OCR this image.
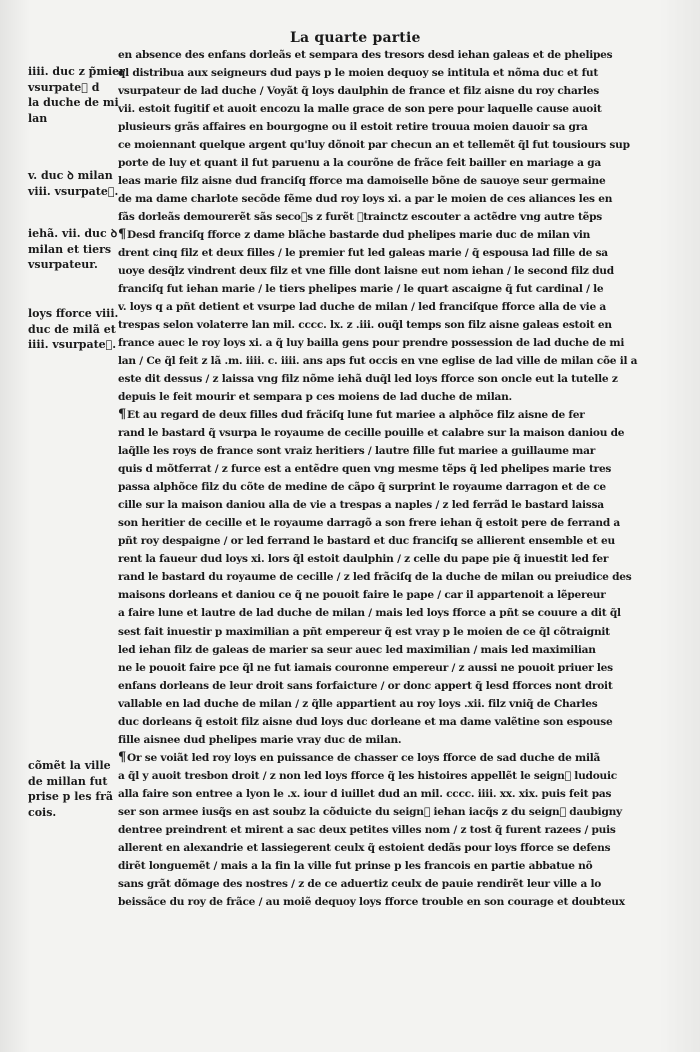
La quarte partie
iiii. duc z p̃mier
vsurpateᷣ d
la duche de mi
lan
v. duc ꝺ milan
viii. vsurpateᷣ.
iehã. vii. duc ꝺ
milan et tiers
vsurpateur.
loys fforce viii.
duc de milã et
iiii. vsurpateᷣ.
cõmẽt la ville
de millan fut
prise p les frã
cois.
en absence des enfans dorleãs et sempara des tresors desd iehan galeas et de phelipes
ql distribua aux seigneurs dud pays p le moien dequoy se intitula et nõma duc et fut
vsurpateur de lad duche / Voyãt q̃ loys daulphin de france et filz aisne du roy charles
vii. estoit fugitif et auoit encozu la malle grace de son pere pour laquelle cause auoit
plusieurs grãs affaires en bourgogne ou il estoit retire trouua moien dauoir sa gra
ce moiennant quelque argent qu'luy dõnoit par checun an et tellemẽt q̃l fut tousiours sup
porte de luy et quant il fut paruenu a la courõne de frãce feit bailler en mariage a ga
leas marie filz aisne dud franciſq fforce ma damoiselle bõne de sauoye seur germaine
de ma dame charlote secõde fẽme dud roy loys xi. a par le moien de ces aliances les en
fãs dorleãs demourerẽt sãs secoᷣs z furẽt ꝯtrainctz escouter a actẽdre vng autre tẽps
¶Desd franciſq fforce z dame blãche bastarde dud phelipes marie duc de milan vin
drent cinq filz et deux filles / le premier fut led galeas marie / q̃ espousa lad fille de sa
uoye desq̃lz vindrent deux filz et vne fille dont laisne eut nom iehan / le second filz dud
franciſq fut iehan marie / le tiers phelipes marie / le quart ascaigne q̃ fut cardinal / le
v. loys q a pñt detient et vsurpe lad duche de milan / led franciſque fforce alla de vie a
trespas selon volaterre lan mil. cccc. lx. z .iii. ouq̃l temps son filz aisne galeas estoit en
france auec le roy loys xi. a q̃ luy bailla gens pour prendre possession de lad duche de mi
lan / Ce q̃l feit z lã .m. iiii. c. iiii. ans aps fut occis en vne eglise de lad ville de milan cõe il a
este dit dessus / z laissa vng filz nõme iehã duq̃l led loys fforce son oncle eut la tutelle z
depuis le feit mourir et sempara p ces moiens de lad duche de milan.
¶Et au regard de deux filles dud frãciſq lune fut mariee a alphõce filz aisne de fer
rand le bastard q̃ vsurpa le royaume de cecille pouille et calabre sur la maison daniou de
laq̃lle les roys de france sont vraiz heritiers / lautre fille fut mariee a guillaume mar
quis d mõtferrat / z furce est a entẽdre quen vng mesme tẽps q̃ led phelipes marie tres
passa alphõce filz du cõte de medine de cãpo q̃ surprint le royaume darragon et de ce
cille sur la maison daniou alla de vie a trespas a naples / z led ferrãd le bastard laissa
son heritier de cecille et le royaume darragõ a son frere iehan q̃ estoit pere de ferrand a
pñt roy despaigne / or led ferrand le bastard et duc franciſq se allierent ensemble et eu
rent la faueur dud loys xi. lors q̃l estoit daulphin / z celle du pape pie q̃ inuestit led fer
rand le bastard du royaume de cecille / z led frãciſq de la duche de milan ou preiudice des
maisons dorleans et daniou ce q̃ ne pouoit faire le pape / car il appartenoit a lẽpereur
a faire lune et lautre de lad duche de milan / mais led loys fforce a pñt se couure a dit q̃l
sest fait inuestir p maximilian a pñt empereur q̃ est vray p le moien de ce q̃l cõtraignit
led iehan filz de galeas de marier sa seur auec led maximilian / mais led maximilian
ne le pouoit faire pce q̃l ne fut iamais couronne empereur / z aussi ne pouoit priuer les
enfans dorleans de leur droit sans forfaicture / or donc appert q̃ lesd fforces nont droit
vallable en lad duche de milan / z q̃lle appartient au roy loys .xii. filz vniq̃ de Charles
duc dorleans q̃ estoit filz aisne dud loys duc dorleane et ma dame valẽtine son espouse
fille aisnee dud phelipes marie vray duc de milan.
¶Or se voiãt led roy loys en puissance de chasser ce loys fforce de sad duche de milã
a q̃l y auoit tresbon droit / z non led loys fforce q̃ les histoires appellẽt le seignᷣ ludouic
alla faire son entree a lyon le .x. iour d iuillet dud an mil. cccc. iiii. xx. xix. puis feit pas
ser son armee iusq̃s en ast soubz la cõduicte du seignᷣ iehan iacq̃s z du seignᷣ daubigny
dentree preindrent et mirent a sac deux petites villes nom / z tost q̃ furent razees / puis
allerent en alexandrie et lassiegerent ceulx q̃ estoient dedãs pour loys fforce se defens
dirẽt longuemẽt / mais a la fin la ville fut prinse p les francois en partie abbatue nõ
sans grãt dõmage des nostres / z de ce aduertiz ceulx de pauie rendirẽt leur ville a lo
beissãce du roy de frãce / au moiẽ dequoy loys fforce trouble en son courage et doubteux
